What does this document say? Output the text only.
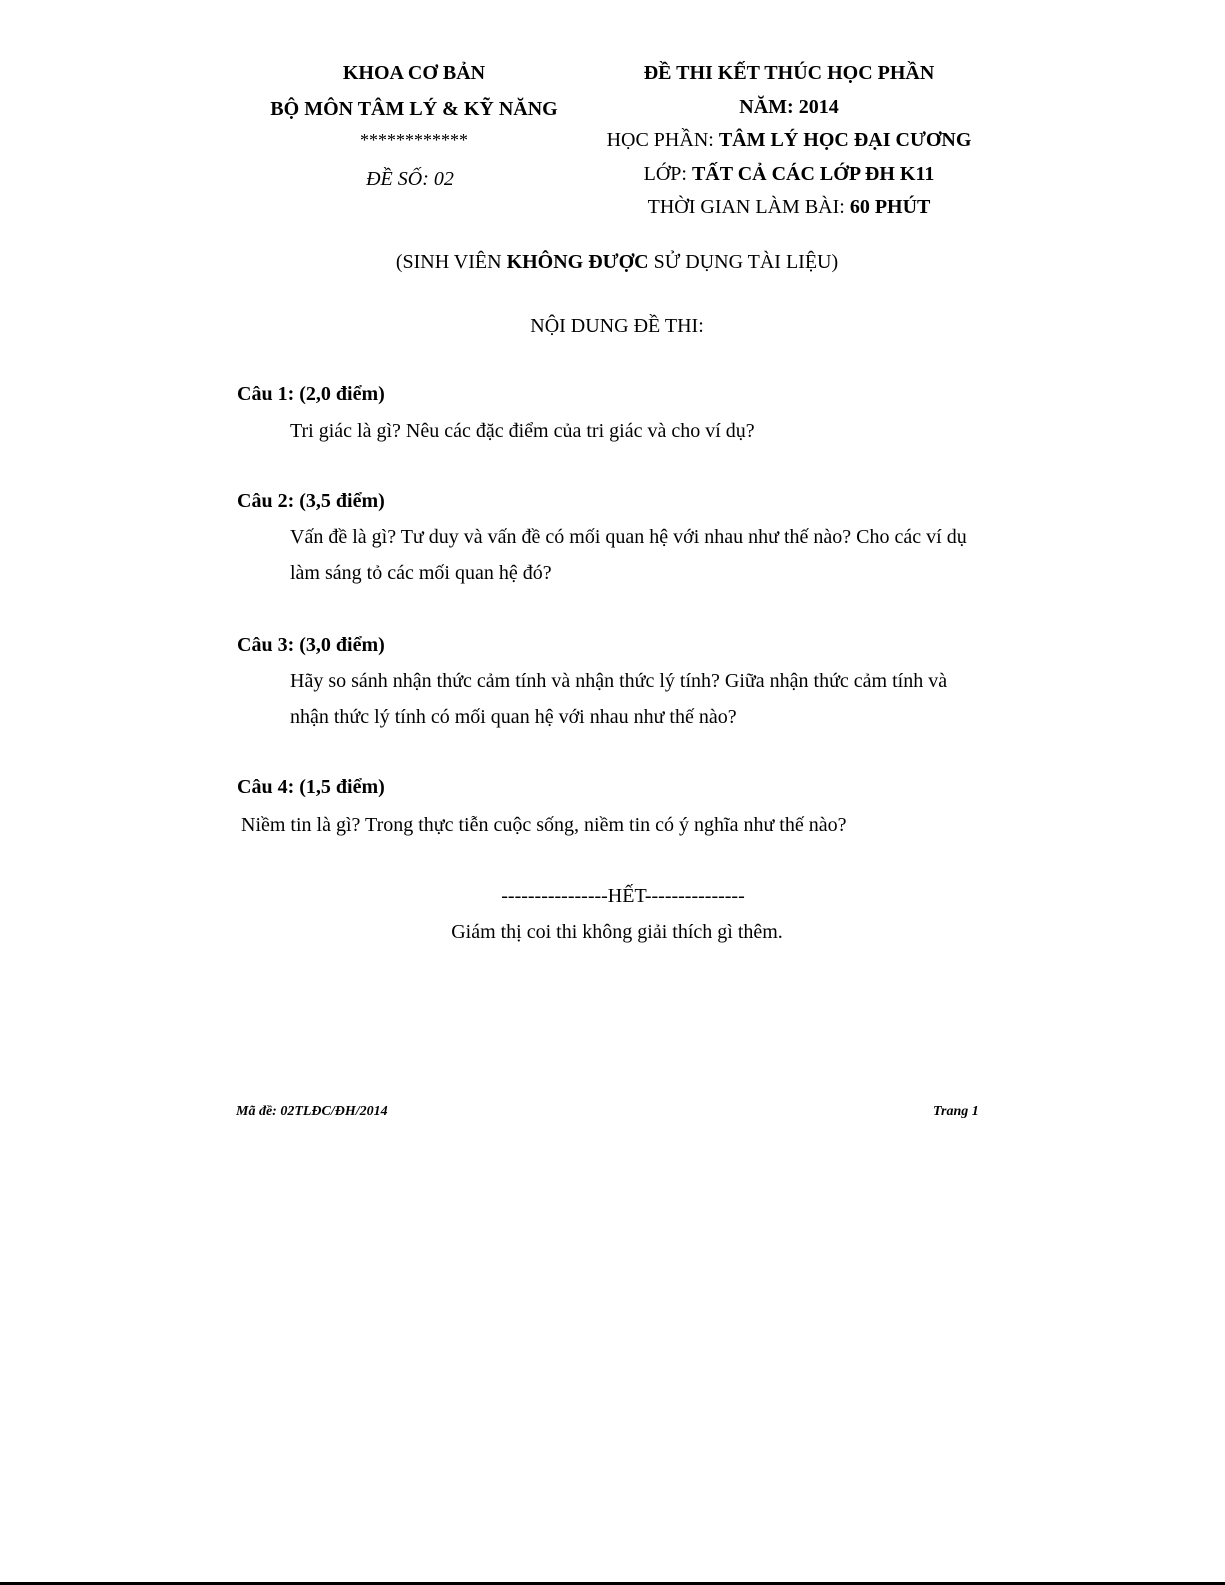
KHOA CƠ BẢN
BỘ MÔN TÂM LÝ & KỸ NĂNG
************
ĐỀ SỐ: 02
ĐỀ THI KẾT THÚC HỌC PHẦN
NĂM: 2014
HỌC PHẦN: TÂM LÝ HỌC ĐẠI CƯƠNG
LỚP: TẤT CẢ CÁC LỚP ĐH K11
THỜI GIAN LÀM BÀI: 60 PHÚT
(SINH VIÊN KHÔNG ĐƯỢC SỬ DỤNG TÀI LIỆU)
NỘI DUNG ĐỀ THI:
Câu 1: (2,0 điểm)
Tri giác là gì? Nêu các đặc điểm của tri giác và cho ví dụ?
Câu 2: (3,5 điểm)
Vấn đề là gì? Tư duy và vấn đề có mối quan hệ với nhau như thế nào? Cho các ví dụ
làm sáng tỏ các mối quan hệ đó?
Câu 3: (3,0 điểm)
Hãy so sánh nhận thức cảm tính và nhận thức lý tính? Giữa nhận thức cảm tính và
nhận thức lý tính có mối quan hệ với nhau như thế nào?
Câu 4: (1,5 điểm)
Niềm tin là gì? Trong thực tiễn cuộc sống, niềm tin có ý nghĩa như thế nào?
----------------HẾT---------------
Giám thị coi thi không giải thích gì thêm.
Mã đề: 02TLĐC/ĐH/2014	Trang 1
